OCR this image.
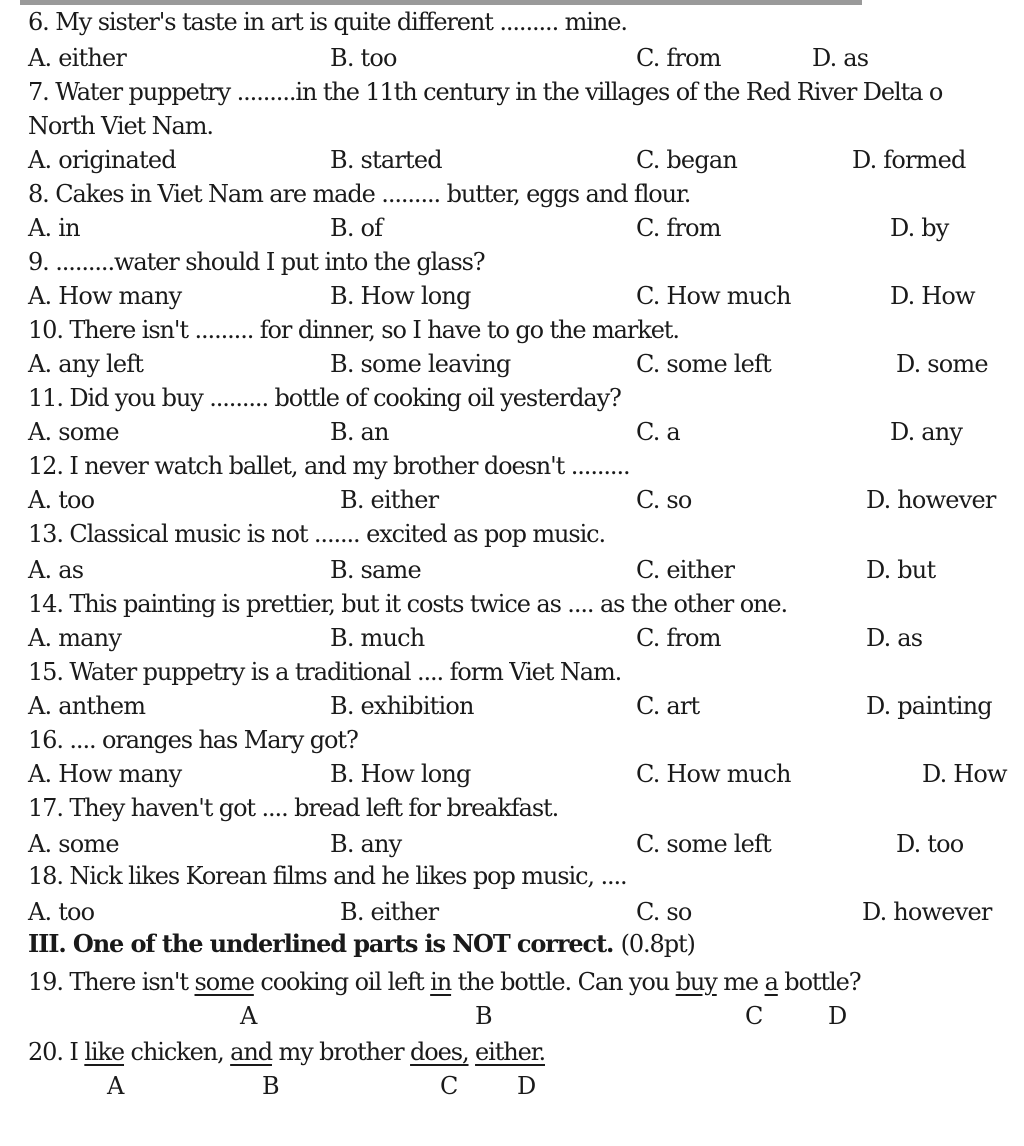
6. My sister's taste in art is quite different ......... mine.
A. either	B. too	C. from	D. as
7. Water puppetry .........in the 11th century in the villages of the Red River Delta o
North Viet Nam.
A. originated	B. started	C. began	D. formed
8. Cakes in Viet Nam are made ......... butter, eggs and flour.
A. in	B. of	C. from	D. by
9. .........water should I put into the glass?
A. How many	B. How long	C. How much	D. How
10. There isn't ......... for dinner, so I have to go the market.
A. any left	B. some leaving	C. some left	D. some
11. Did you buy ......... bottle of cooking oil yesterday?
A. some	B. an	C. a	D. any
12. I never watch ballet, and my brother doesn't .........
A. too	B. either	C. so	D. however
13. Classical music is not ....... excited as pop music.
A. as	B. same	C. either	D. but
14. This painting is prettier, but it costs twice as .... as the other one.
A. many	B. much	C. from	D. as
15. Water puppetry is a traditional .... form Viet Nam.
A. anthem	B. exhibition	C. art	D. painting
16. .... oranges has Mary got?
A. How many	B. How long	C. How much	D. How
17. They haven't got .... bread left for breakfast.
A. some	B. any	C. some left	D. too
18. Nick likes Korean films and he likes pop music, ....
A. too	B. either	C. so	D. however
III. One of the underlined parts is NOT correct. (0.8pt)
19. There isn't some cooking oil left in the bottle. Can you buy me a bottle?
A	B	C	D
20. I like chicken, and my brother does, either.
A	B	C D
